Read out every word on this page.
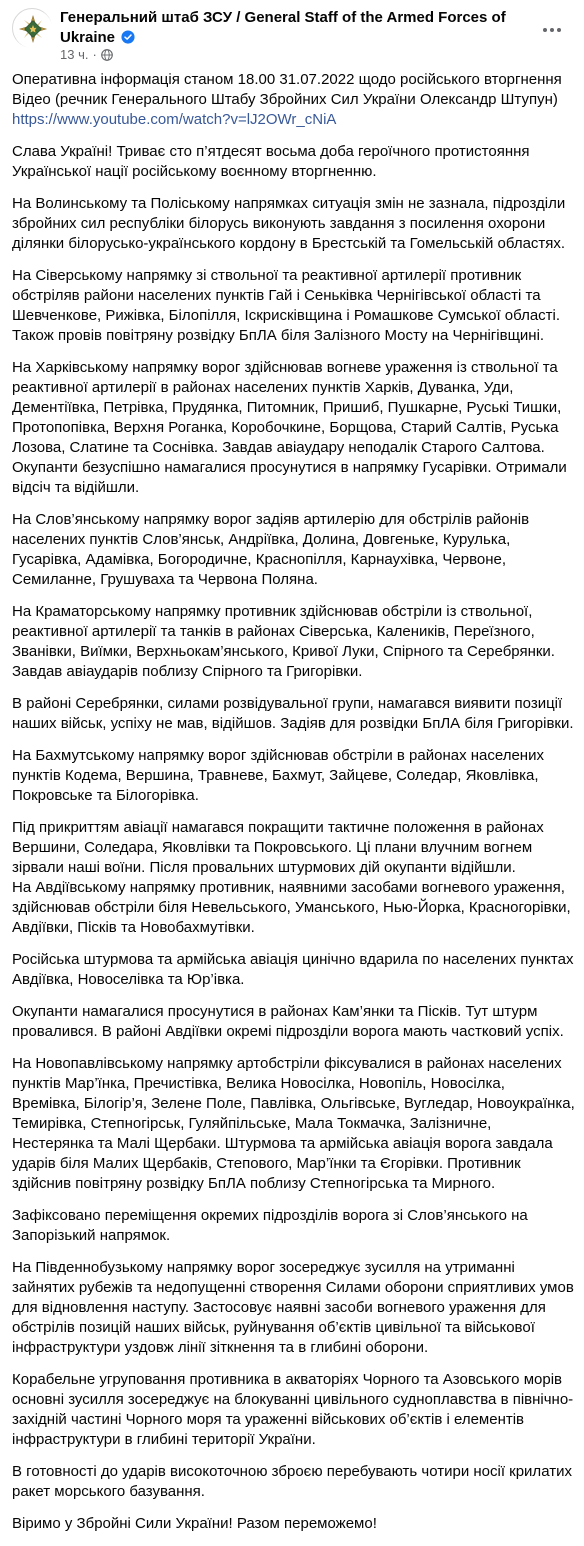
Генеральний штаб ЗСУ / General Staff of the Armed Forces of Ukraine
13 ч. ·

Оперативна інформація станом 18.00 31.07.2022 щодо російського вторгнення Відео (речник Генерального Штабу Збройних Сил України Олександр Штупун)
https://www.youtube.com/watch?v=lJ2OWr_cNiA

Слава Україні! Триває сто п’ятдесят восьма доба героїчного протистояння Української нації російському воєнному вторгненню.

На Волинському та Поліському напрямках ситуація змін не зазнала, підрозділи збройних сил республіки білорусь виконують завдання з посилення охорони ділянки білорусько-українського кордону в Брестській та Гомельській областях.

На Сіверському напрямку зі ствольної та реактивної артилерії противник обстріляв райони населених пунктів Гай і Сеньківка Чернігівської області та Шевченкове, Рижівка, Білопілля, Іскрисківщина і Ромашкове Сумської області. Також провів повітряну розвідку БпЛА біля Залізного Мосту на Чернігівщині.

На Харківському напрямку ворог здійснював вогневе ураження із ствольної та реактивної артилерії в районах населених пунктів Харків, Дуванка, Уди, Дементіївка, Петрівка, Прудянка, Питомник, Пришиб, Пушкарне, Руські Тишки, Протопопівка, Верхня Роганка, Коробочкине, Борщова, Старий Салтів, Руська Лозова, Слатине та Соснівка. Завдав авіаудару неподалік Старого Салтова. Окупанти безуспішно намагалися просунутися в напрямку Гусарівки. Отримали відсіч та відійшли.

На Слов’янському напрямку ворог задіяв артилерію для обстрілів районів населених пунктів Слов’янськ, Андріївка, Долина, Довгеньке, Курулька, Гусарівка, Адамівка, Богородичне, Краснопілля, Карнаухівка, Червоне, Семиланне, Грушуваха та Червона Поляна.

На Краматорському напрямку противник здійснював обстріли із ствольної, реактивної артилерії та танків в районах Сіверська, Калеників, Переїзного, Званівки, Виїмки, Верхньокам’янського, Кривої Луки, Спірного та Серебрянки. Завдав авіаударів поблизу Спірного та Григорівки.

В районі Серебрянки, силами розвідувальної групи, намагався виявити позиції наших військ, успіху не мав, відійшов. Задіяв для розвідки БпЛА біля Григорівки.

На Бахмутському напрямку ворог здійснював обстріли в районах населених пунктів Кодема, Вершина, Травневе, Бахмут, Зайцеве, Соледар, Яковлівка, Покровське та Білогорівка.

Під прикриттям авіації намагався покращити тактичне положення в районах Вершини, Соледара, Яковлівки та Покровського. Ці плани влучним вогнем зірвали наші воїни. Після провальних штурмових дій окупанти відійшли.
На Авдіївському напрямку противник, наявними засобами вогневого ураження, здійснював обстріли біля Невельського, Уманського, Нью-Йорка, Красногорівки, Авдіївки, Пісків та Новобахмутівки.

Російська штурмова та армійська авіація цинічно вдарила по населених пунктах Авдіївка, Новоселівка та Юр’івка.

Окупанти намагалися просунутися в районах Кам’янки та Пісків. Тут штурм провалився. В районі Авдіївки окремі підрозділи ворога мають частковий успіх.

На Новопавлівському напрямку артобстріли фіксувалися в районах населених пунктів Мар’їнка, Пречистівка, Велика Новосілка, Новопіль, Новосілка, Времівка, Білогір’я, Зелене Поле, Павлівка, Ольгівське, Вугледар, Новоукраїнка, Темирівка, Степногірськ, Гуляйпільське, Мала Токмачка, Залізничне, Нестерянка та Малі Щербаки. Штурмова та армійська авіація ворога завдала ударів біля Малих Щербаків, Степового, Мар’їнки та Єгорівки. Противник здійснив повітряну розвідку БпЛА поблизу Степногірська та Мирного.

Зафіксовано переміщення окремих підрозділів ворога зі Слов’янського на Запорізький напрямок.

На Південнобузькому напрямку ворог зосереджує зусилля на утриманні зайнятих рубежів та недопущенні створення Силами оборони сприятливих умов для відновлення наступу. Застосовує наявні засоби вогневого ураження для обстрілів позицій наших військ, руйнування об’єктів цивільної та військової інфраструктури уздовж лінії зіткнення та в глибині оборони.

Корабельне угруповання противника в акваторіях Чорного та Азовського морів основні зусилля зосереджує на блокуванні цивільного судноплавства в північно-західній частині Чорного моря та ураженні військових об’єктів і елементів інфраструктури в глибині території України.

В готовності до ударів високоточною зброєю перебувають чотири носії крилатих ракет морського базування.

Віримо у Збройні Сили України! Разом переможемо!
